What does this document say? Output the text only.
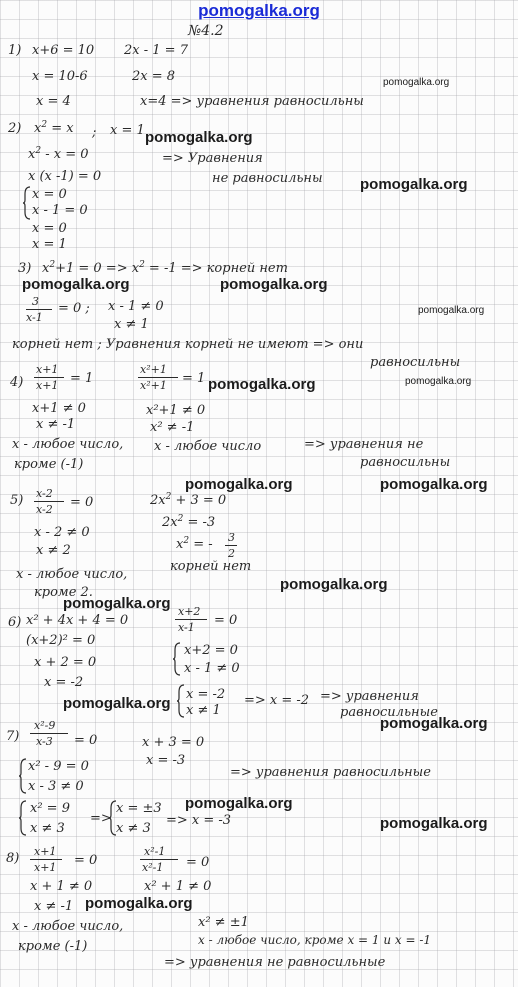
pomogalka.org
№4.2
1) x+6 = 10 2x - 1 = 7
x = 10-6	2x = 8
x = 4	x=4 => уравнения равносильны
2) $x^2 = x$ ; x = 1
$x^2 - x = 0$
x (x -1) = 0
x = 0
x - 1 = 0
x = 0
x = 1
=> Уравнения
не равносильны
3) $x^2+1 = 0 => x^2 = -1$ => корней нет
3
x-1
= 0 ; x - 1 ≠ 0
x ≠ 1
корней нет ; Уравнения корней не имеют => они
равносильны
4)
x+1
x+1 = 1
x²+1
x²+1 = 1
x+1 ≠ 0
x ≠ -1
x²+1 ≠ 0
x² ≠ -1
x - любое число,
кроме (-1)
x - любое число	=> уравнения не
равносильны
5) x-2
x-2 = 0
x - 2 ≠ 0
x ≠ 2
x - любое число,
кроме 2.
$2x^2 + 3 = 0$
$2x^2 = -3$
$x^2$ = - 3
2
корней нет
6) x² + 4x + 4 = 0
(x+2)² = 0
x + 2 = 0
x = -2
x+2
x-1 = 0
x+2 = 0
x - 1 ≠ 0
x = -2
x ≠ 1
=> x = -2 => уравнения
равносильные
7)
x²-9
x-3 = 0	x + 3 = 0
x = -3
x² - 9 = 0
x - 3 ≠ 0
=> уравнения равносильные
x² = 9
x ≠ 3
=>
x = ±3
x ≠ 3
=> x = -3
8) x+1
x+1 = 0
x²-1
x²-1 = 0
x + 1 ≠ 0
x ≠ -1
x² + 1 ≠ 0
x² ≠ ±1
x - любое число,
кроме (-1)	x - любое число, кроме x = 1 и x = -1
=> уравнения не равносильные
pomogalka.org
pomogalka.org
pomogalka.org
pomogalka.org	pomogalka.org
pomogalka.org
pomogalka.org	pomogalka.org
pomogalka.org	pomogalka.org
pomogalka.org
pomogalka.org
pomogalka.org
pomogalka.org
pomogalka.org
pomogalka.org
pomogalka.org
